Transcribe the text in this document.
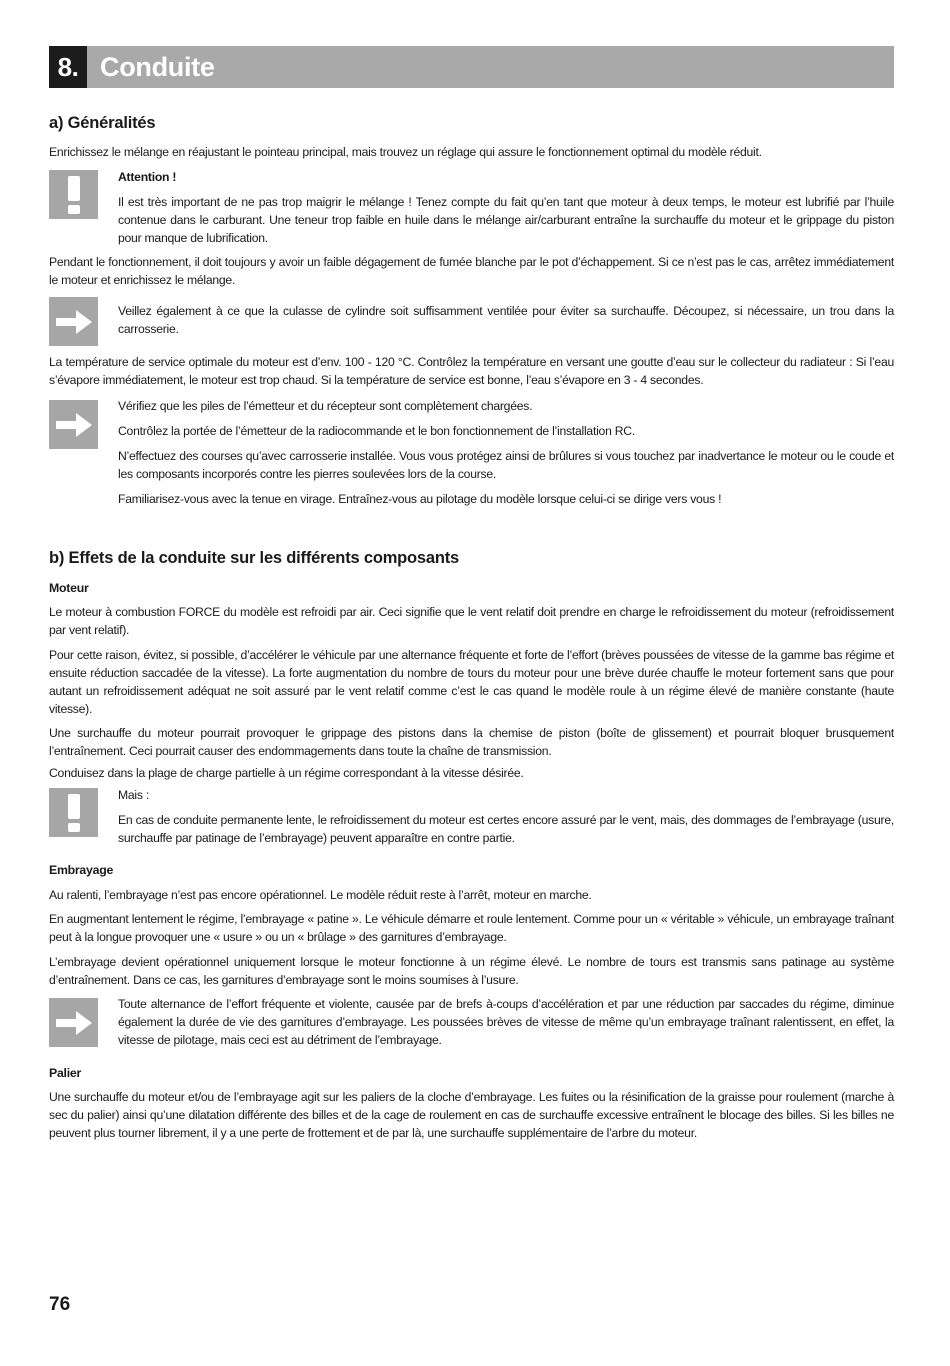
8. Conduite
a) Généralités

Enrichissez le mélange en réajustant le pointeau principal, mais trouvez un réglage qui assure le fonctionnement optimal du modèle réduit.

Attention !

Il est très important de ne pas trop maigrir le mélange ! Tenez compte du fait qu’en tant que moteur à deux temps, le moteur est lubrifié par l’huile contenue dans le carburant. Une teneur trop faible en huile dans le mélange air/carburant entraîne la surchauffe du moteur et le grippage du piston pour manque de lubrification.

Pendant le fonctionnement, il doit toujours y avoir un faible dégagement de fumée blanche par le pot d’échappement. Si ce n’est pas le cas, arrêtez immédiatement le moteur et enrichissez le mélange.

Veillez également à ce que la culasse de cylindre soit suffisamment ventilée pour éviter sa surchauffe. Découpez, si nécessaire, un trou dans la carrosserie.

La température de service optimale du moteur est d’env. 100 - 120 °C. Contrôlez la température en versant une goutte d’eau sur le collecteur du radiateur : Si l’eau s’évapore immédiatement, le moteur est trop chaud. Si la température de service est bonne, l’eau s’évapore en 3 - 4 secondes.

Vérifiez que les piles de l’émetteur et du récepteur sont complètement chargées.

Contrôlez la portée de l’émetteur de la radiocommande et le bon fonctionnement de l’installation RC.

N’effectuez des courses qu’avec carrosserie installée. Vous vous protégez ainsi de brûlures si vous touchez par inadvertance le moteur ou le coude et les composants incorporés contre les pierres soulevées lors de la course.

Familiarisez-vous avec la tenue en virage. Entraînez-vous au pilotage du modèle lorsque celui-ci se dirige vers vous !

b) Effets de la conduite sur les différents composants

Moteur

Le moteur à combustion FORCE du modèle est refroidi par air. Ceci signifie que le vent relatif doit prendre en charge le refroidissement du moteur (refroidissement par vent relatif).

Pour cette raison, évitez, si possible, d’accélérer le véhicule par une alternance fréquente et forte de l’effort (brèves poussées de vitesse de la gamme bas régime et ensuite réduction saccadée de la vitesse). La forte augmentation du nombre de tours du moteur pour une brève durée chauffe le moteur fortement sans que pour autant un refroidissement adéquat ne soit assuré par le vent relatif comme c’est le cas quand le modèle roule à un régime élevé de manière constante (haute vitesse).

Une surchauffe du moteur pourrait provoquer le grippage des pistons dans la chemise de piston (boîte de glissement) et pourrait bloquer brusquement l’entraînement. Ceci pourrait causer des endommagements dans toute la chaîne de transmission.

Conduisez dans la plage de charge partielle à un régime correspondant à la vitesse désirée.

Mais :

En cas de conduite permanente lente, le refroidissement du moteur est certes encore assuré par le vent, mais, des dommages de l’embrayage (usure, surchauffe par patinage de l’embrayage) peuvent apparaître en contre partie.

Embrayage

Au ralenti, l’embrayage n’est pas encore opérationnel. Le modèle réduit reste à l’arrêt, moteur en marche.

En augmentant lentement le régime, l’embrayage « patine ». Le véhicule démarre et roule lentement. Comme pour un « véritable » véhicule, un embrayage traînant peut à la longue provoquer une « usure » ou un « brûlage » des garnitures d’embrayage.

L’embrayage devient opérationnel uniquement lorsque le moteur fonctionne à un régime élevé. Le nombre de tours est transmis sans patinage au système d’entraînement. Dans ce cas, les garnitures d’embrayage sont le moins soumises à l’usure.

Toute alternance de l’effort fréquente et violente, causée par de brefs à-coups d’accélération et par une réduction par saccades du régime, diminue également la durée de vie des garnitures d’embrayage. Les poussées brèves de vitesse de même qu’un embrayage traînant ralentissent, en effet, la vitesse de pilotage, mais ceci est au détriment de l’embrayage.

Palier

Une surchauffe du moteur et/ou de l’embrayage agit sur les paliers de la cloche d’embrayage. Les fuites ou la résinification de la graisse pour roulement (marche à sec du palier) ainsi qu’une dilatation différente des billes et de la cage de roulement en cas de surchauffe excessive entraînent le blocage des billes. Si les billes ne peuvent plus tourner librement, il y a une perte de frottement et de par là, une surchauffe supplémentaire de l’arbre du moteur.

76
